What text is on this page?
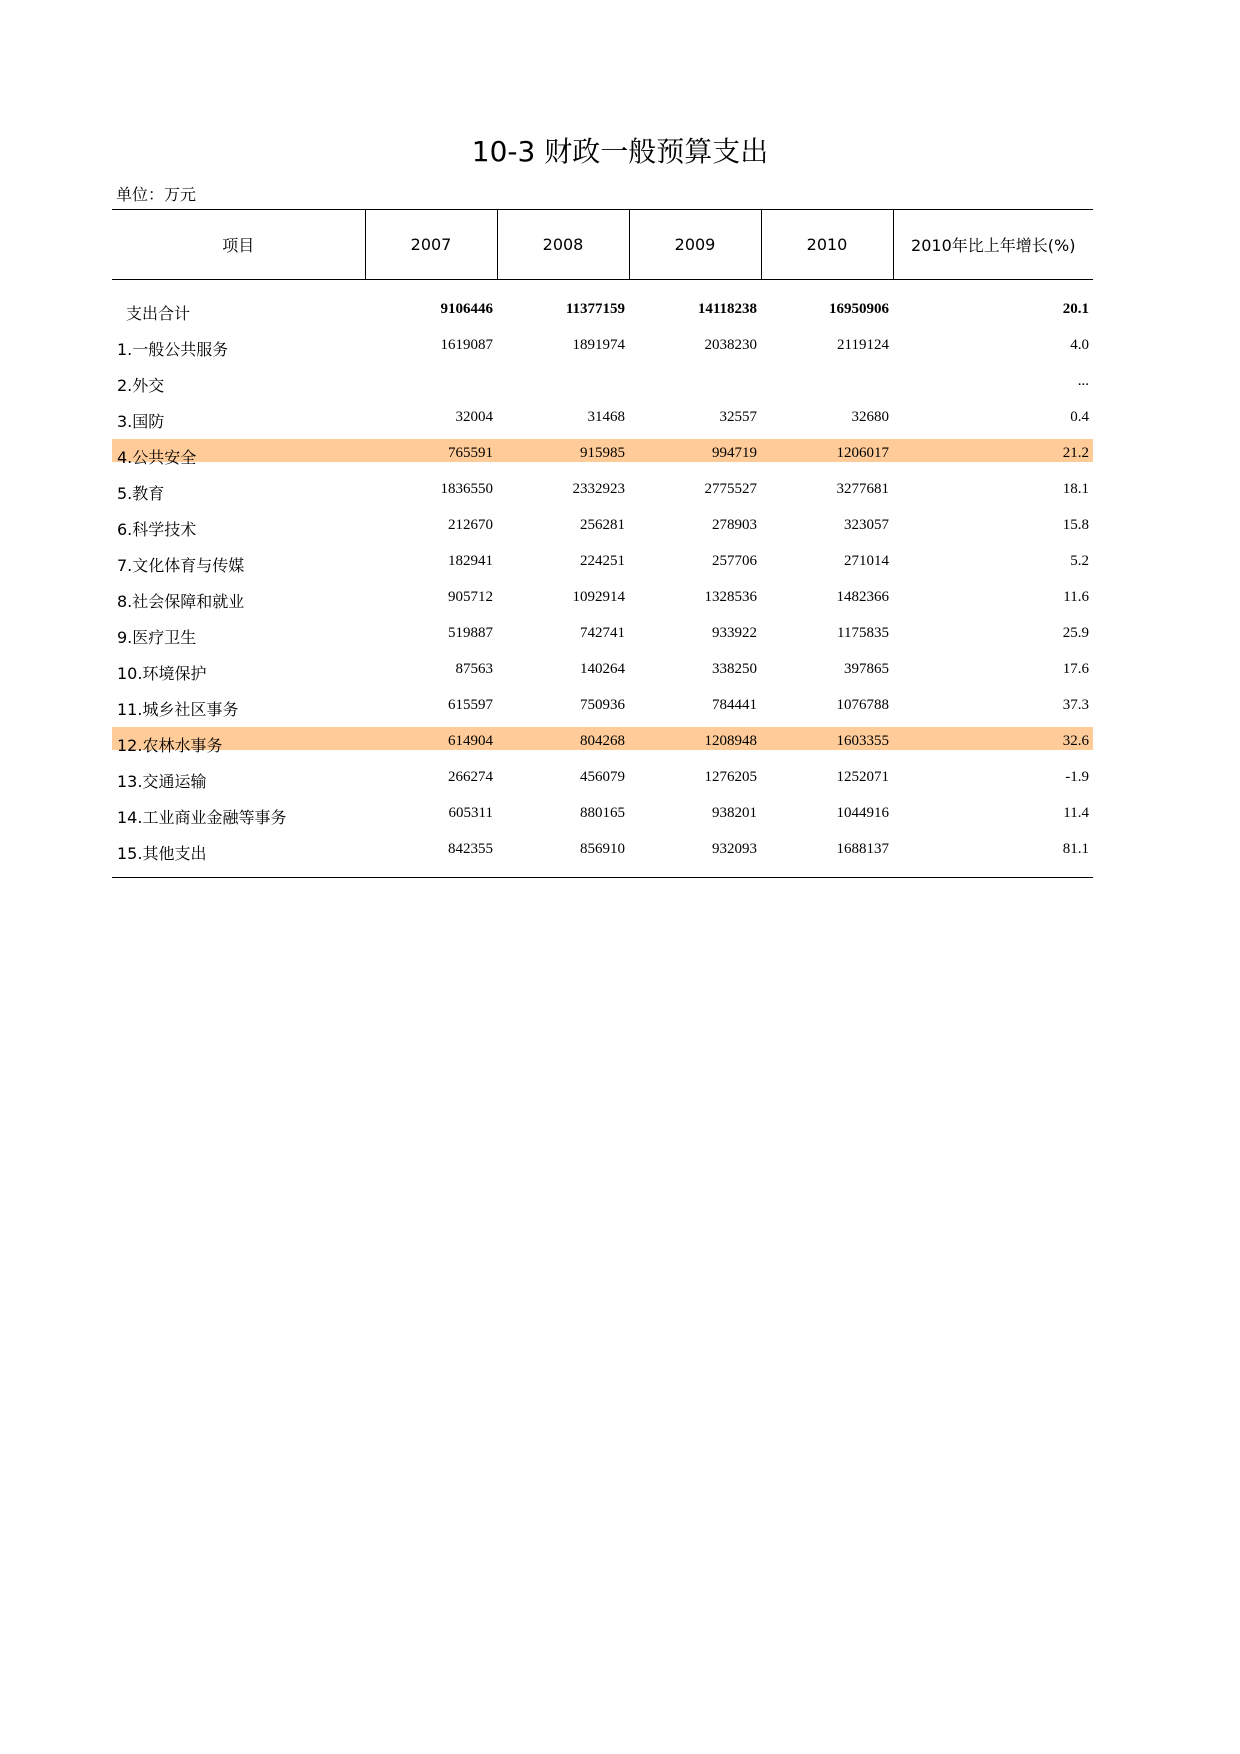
10-3 财政一般预算支出
单位：万元
项目	2007	2008	2009	2010	2010年比上年增长(%)

支出合计	9106446	11377159	14118238	16950906	20.1
1.一般公共服务	1619087	1891974	2038230	2119124	4.0
2.外交					...
3.国防	32004	31468	32557	32680	0.4
4.公共安全	765591	915985	994719	1206017	21.2
5.教育	1836550	2332923	2775527	3277681	18.1
6.科学技术	212670	256281	278903	323057	15.8
7.文化体育与传媒	182941	224251	257706	271014	5.2
8.社会保障和就业	905712	1092914	1328536	1482366	11.6
9.医疗卫生	519887	742741	933922	1175835	25.9
10.环境保护	87563	140264	338250	397865	17.6
11.城乡社区事务	615597	750936	784441	1076788	37.3
12.农林水事务	614904	804268	1208948	1603355	32.6
13.交通运输	266274	456079	1276205	1252071	-1.9
14.工业商业金融等事务	605311	880165	938201	1044916	11.4
15.其他支出	842355	856910	932093	1688137	81.1
